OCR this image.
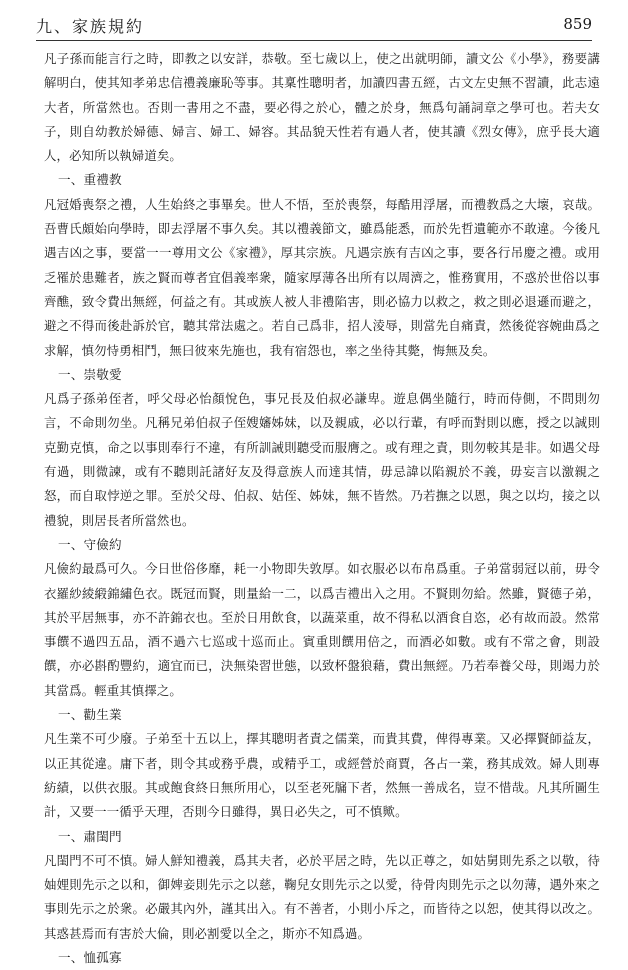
九、家族規約	859

凡子孫而能言行之時，即教之以安詳，恭敬。至七歲以上，使之出就明師，讀文公《小學》，務要講解明白，使其知孝弟忠信禮義廉恥等事。其稟性聰明者，加讀四書五經，古文左史無不習讀，此志遠大者，所當然也。否則一書用之不盡，要必得之於心，體之於身，無爲句誦詞章之學可也。若夫女子，則自幼教於婦德、婦言、婦工、婦容。其品貌天性若有過人者，使其讀《烈女傳》，庶乎長大適人，必知所以執婦道矣。

一、重禮教

凡冠婚喪祭之禮，人生始終之事畢矣。世人不悟，至於喪祭，每酷用浮屠，而禮教爲之大壞，哀哉。吾曹氏頗始向學時，即去浮屠不事久矣。其以禮義節文，雖爲能悉，而於先哲遺範亦不敢違。今後凡遇吉凶之事，要當一一尊用文公《家禮》，厚其宗族。凡遇宗族有吉凶之事，要各行吊慶之禮。或用乏罹於患難者，族之賢而尊者宜倡義率衆，隨家厚薄各出所有以周濟之，惟務實用，不惑於世俗以事齊醮，致令費出無經，何益之有。其或族人被人非禮陷害，則必協力以救之，救之則必退遜而避之，避之不得而後赴訴於官，聽其常法處之。若自己爲非，招人淩辱，則當先自痛責，然後從容婉曲爲之求解，慎勿恃勇相鬥，無曰彼來先施也，我有宿怨也，率之坐待其斃，悔無及矣。

一、崇敬愛

凡爲子孫弟侄者，呼父母必怡顏悅色，事兄長及伯叔必謙卑。遊息偶坐隨行，時而侍側，不問則勿言，不命則勿坐。凡稱兄弟伯叔子侄嫂嬸姊妹，以及親戚，必以行輩，有呼而對則以應，授之以誠則克勤克慎，命之以事則奉行不違，有所訓誡則聽受而服膺之。或有理之責，則勿較其是非。如遇父母有過，則微諫，或有不聽則託諸好友及得意族人而達其情，毋忌諱以陷親於不義，毋妄言以激親之怒，而自取悖逆之罪。至於父母、伯叔、姑侄、姊妹，無不皆然。乃若撫之以恩，與之以均，接之以禮貌，則居長者所當然也。

一、守儉約

凡儉約最爲可久。今日世俗侈靡，耗一小物即失敦厚。如衣服必以布帛爲重。子弟當弱冠以前，毋令衣羅紗綾緞錦繡色衣。既冠而賢，則量給一二，以爲吉禮出入之用。不賢則勿給。然雖，賢德子弟，其於平居無事，亦不許錦衣也。至於日用飲食，以蔬菜重，故不得私以酒食自恣，必有故而設。然常事饌不過四五品，酒不過六七巡或十巡而止。賓重則饌用倍之，而酒必如數。或有不常之會，則設饌，亦必斟酌豐約，適宜而已，決無染習世態，以致杯盤狼藉，費出無經。乃若奉養父母，則竭力於其當爲。輕重其慎擇之。

一、勸生業

凡生業不可少廢。子弟至十五以上，擇其聰明者責之儒業，而貴其費，俾得專業。又必擇賢師益友，以正其從違。庸下者，則令其或務乎農，或精乎工，或經營於商賈，各占一業，務其成效。婦人則專紡績，以供衣服。其或飽食終日無所用心，以至老死牖下者，然無一善成名，豈不惜哉。凡其所圖生計，又要一一循乎天理，否則今日雖得，異日必失之，可不慎歟。

一、肅閨門

凡閨門不可不慎。婦人鮮知禮義，爲其夫者，必於平居之時，先以正尊之，如姑舅則先系之以敬，待妯娌則先示之以和，御婢妾則先示之以慈，鞠兒女則先示之以愛，待骨肉則先示之以勿薄，遇外來之事則先示之於衆。必嚴其內外，謹其出入。有不善者，小則小斥之，而皆待之以恕，使其得以改之。其惑甚焉而有害於大倫，則必割愛以全之，斯亦不知爲過。

一、恤孤寡
